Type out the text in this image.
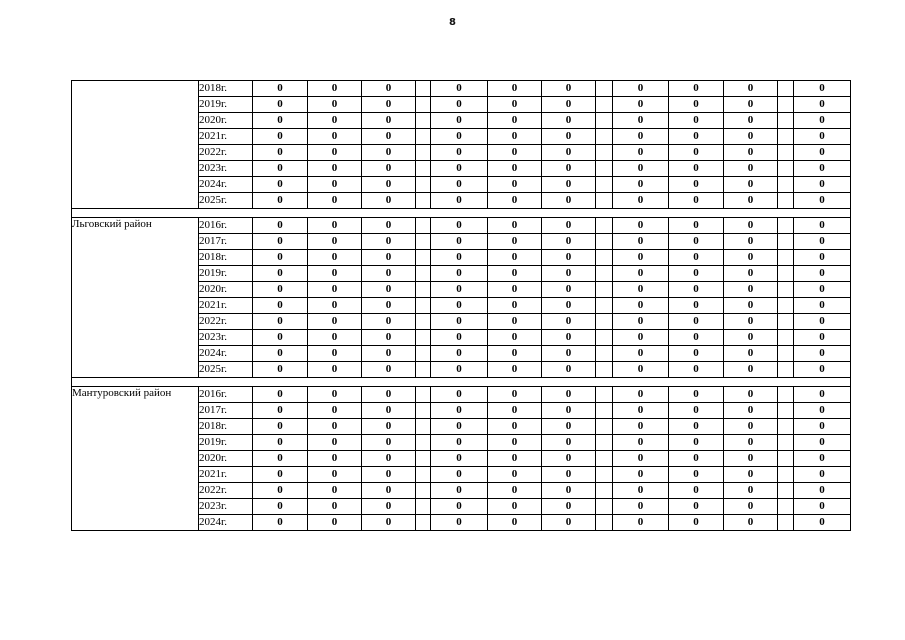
8
	2018г.	0	0	0		0	0	0		0	0	0		0
	2019г.	0	0	0		0	0	0		0	0	0		0
	2020г.	0	0	0		0	0	0		0	0	0		0
	2021г.	0	0	0		0	0	0		0	0	0		0
	2022г.	0	0	0		0	0	0		0	0	0		0
	2023г.	0	0	0		0	0	0		0	0	0		0
	2024г.	0	0	0		0	0	0		0	0	0		0
	2025г.	0	0	0		0	0	0		0	0	0		0

Льговский район	2016г.	0	0	0		0	0	0		0	0	0		0
	2017г.	0	0	0		0	0	0		0	0	0		0
	2018г.	0	0	0		0	0	0		0	0	0		0
	2019г.	0	0	0		0	0	0		0	0	0		0
	2020г.	0	0	0		0	0	0		0	0	0		0
	2021г.	0	0	0		0	0	0		0	0	0		0
	2022г.	0	0	0		0	0	0		0	0	0		0
	2023г.	0	0	0		0	0	0		0	0	0		0
	2024г.	0	0	0		0	0	0		0	0	0		0
	2025г.	0	0	0		0	0	0		0	0	0		0

Мантуровский район	2016г.	0	0	0		0	0	0		0	0	0		0
	2017г.	0	0	0		0	0	0		0	0	0		0
	2018г.	0	0	0		0	0	0		0	0	0		0
	2019г.	0	0	0		0	0	0		0	0	0		0
	2020г.	0	0	0		0	0	0		0	0	0		0
	2021г.	0	0	0		0	0	0		0	0	0		0
	2022г.	0	0	0		0	0	0		0	0	0		0
	2023г.	0	0	0		0	0	0		0	0	0		0
	2024г.	0	0	0		0	0	0		0	0	0		0
